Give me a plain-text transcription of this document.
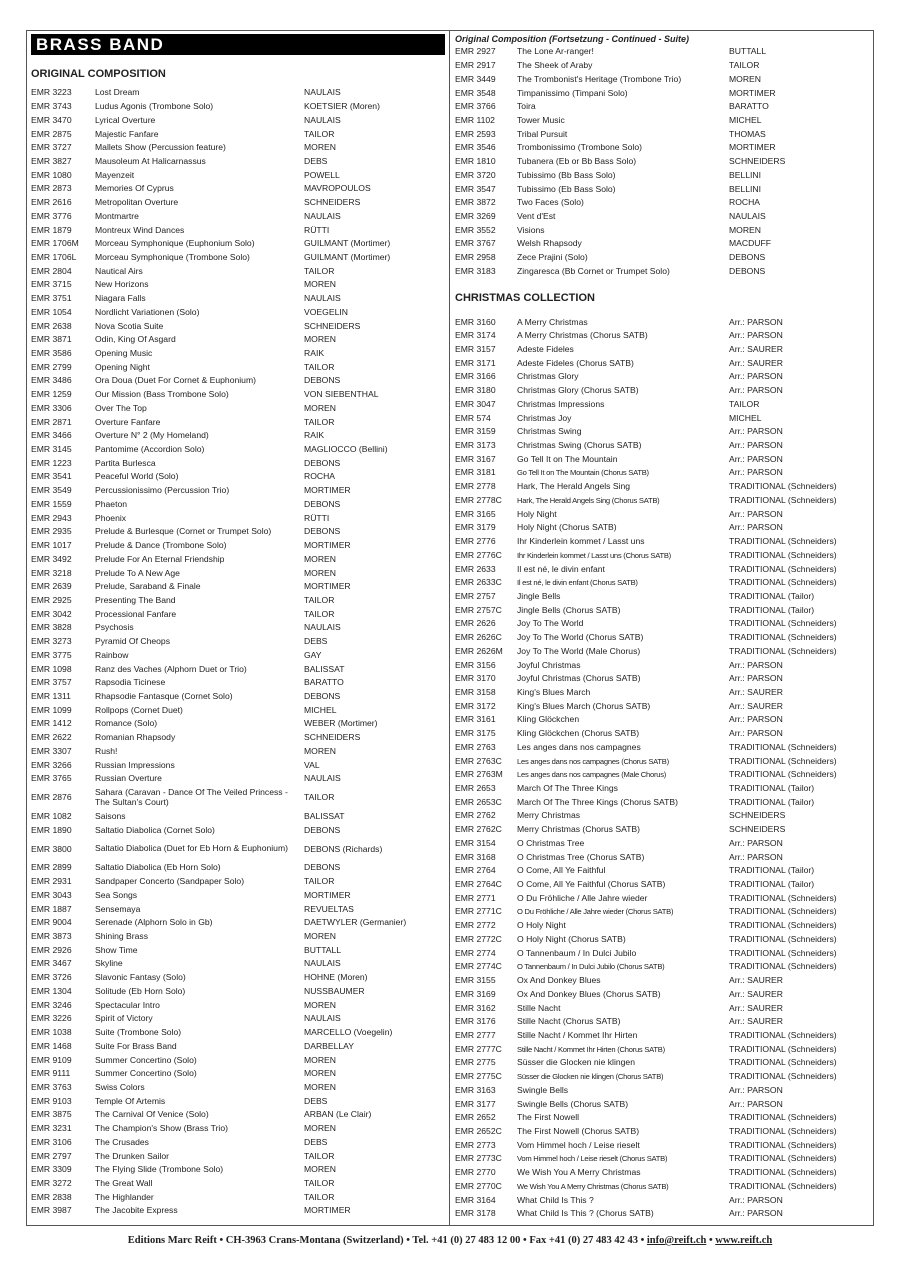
BRASS BAND
ORIGINAL COMPOSITION
EMR 3223	Lost Dream	NAULAIS
EMR 3743	Ludus Agonis (Trombone Solo)	KOETSIER (Moren)
EMR 3470	Lyrical Overture	NAULAIS
EMR 2875	Majestic Fanfare	TAILOR
EMR 3727	Mallets Show (Percussion feature)	MOREN
EMR 3827	Mausoleum At Halicarnassus	DEBS
EMR 1080	Mayenzeit	POWELL
EMR 2873	Memories Of Cyprus	MAVROPOULOS
EMR 2616	Metropolitan Overture	SCHNEIDERS
EMR 3776	Montmartre	NAULAIS
EMR 1879	Montreux Wind Dances	RÜTTI
EMR 1706M	Morceau Symphonique (Euphonium Solo)	GUILMANT (Mortimer)
EMR 1706L	Morceau Symphonique (Trombone Solo)	GUILMANT (Mortimer)
EMR 2804	Nautical Airs	TAILOR
EMR 3715	New Horizons	MOREN
EMR 3751	Niagara Falls	NAULAIS
EMR 1054	Nordlicht Variationen (Solo)	VOEGELIN
EMR 2638	Nova Scotia Suite	SCHNEIDERS
EMR 3871	Odin, King Of Asgard	MOREN
EMR 3586	Opening Music	RAIK
EMR 2799	Opening Night	TAILOR
EMR 3486	Ora Doua (Duet For Cornet & Euphonium)	DEBONS
EMR 1259	Our Mission (Bass Trombone Solo)	VON SIEBENTHAL
EMR 3306	Over The Top	MOREN
EMR 2871	Overture Fanfare	TAILOR
EMR 3466	Overture N° 2 (My Homeland)	RAIK
EMR 3145	Pantomime (Accordion Solo)	MAGLIOCCO (Bellini)
EMR 1223	Partita Burlesca	DEBONS
EMR 3541	Peaceful World (Solo)	ROCHA
EMR 3549	Percussionissimo (Percussion Trio)	MORTIMER
EMR 1559	Phaeton	DEBONS
EMR 2943	Phoenix	RÜTTI
EMR 2935	Prelude & Burlesque (Cornet or Trumpet Solo)	DEBONS
EMR 1017	Prelude & Dance (Trombone Solo)	MORTIMER
EMR 3492	Prelude For An Eternal Friendship	MOREN
EMR 3218	Prelude To A New Age	MOREN
EMR 2639	Prelude, Saraband & Finale	MORTIMER
EMR 2925	Presenting The Band	TAILOR
EMR 3042	Processional Fanfare	TAILOR
EMR 3828	Psychosis	NAULAIS
EMR 3273	Pyramid Of Cheops	DEBS
EMR 3775	Rainbow	GAY
EMR 1098	Ranz des Vaches (Alphorn Duet or Trio)	BALISSAT
EMR 3757	Rapsodia Ticinese	BARATTO
EMR 1311	Rhapsodie Fantasque (Cornet Solo)	DEBONS
EMR 1099	Rollpops (Cornet Duet)	MICHEL
EMR 1412	Romance (Solo)	WEBER (Mortimer)
EMR 2622	Romanian Rhapsody	SCHNEIDERS
EMR 3307	Rush!	MOREN
EMR 3266	Russian Impressions	VAL
EMR 3765	Russian Overture	NAULAIS
EMR 2876	Sahara (Caravan - Dance Of The Veiled Princess - The Sultan's Court)	TAILOR
EMR 1082	Saisons	BALISSAT
EMR 1890	Saltatio Diabolica (Cornet Solo)	DEBONS
EMR 3800	Saltatio Diabolica (Duet for Eb Horn & Euphonium)	DEBONS (Richards)
EMR 2899	Saltatio Diabolica (Eb Horn Solo)	DEBONS
EMR 2931	Sandpaper Concerto (Sandpaper Solo)	TAILOR
EMR 3043	Sea Songs	MORTIMER
EMR 1887	Sensemaya	REVUELTAS
EMR 9004	Serenade (Alphorn Solo in Gb)	DAETWYLER (Germanier)
EMR 3873	Shining Brass	MOREN
EMR 2926	Show Time	BUTTALL
EMR 3467	Skyline	NAULAIS
EMR 3726	Slavonic Fantasy (Solo)	HOHNE (Moren)
EMR 1304	Solitude (Eb Horn Solo)	NUSSBAUMER
EMR 3246	Spectacular Intro	MOREN
EMR 3226	Spirit of Victory	NAULAIS
EMR 1038	Suite (Trombone Solo)	MARCELLO (Voegelin)
EMR 1468	Suite For Brass Band	DARBELLAY
EMR 9109	Summer Concertino (Solo)	MOREN
EMR 9111	Summer Concertino (Solo)	MOREN
EMR 3763	Swiss Colors	MOREN
EMR 9103	Temple Of Artemis	DEBS
EMR 3875	The Carnival Of Venice (Solo)	ARBAN (Le Clair)
EMR 3231	The Champion's Show (Brass Trio)	MOREN
EMR 3106	The Crusades	DEBS
EMR 2797	The Drunken Sailor	TAILOR
EMR 3309	The Flying Slide (Trombone Solo)	MOREN
EMR 3272	The Great Wall	TAILOR
EMR 2838	The Highlander	TAILOR
EMR 3987	The Jacobite Express	MORTIMER

Original Composition (Fortsetzung - Continued - Suite)

EMR 2927	The Lone Ar-ranger!	BUTTALL
EMR 2917	The Sheek of Araby	TAILOR
EMR 3449	The Trombonist's Heritage (Trombone Trio)	MOREN
EMR 3548	Timpanissimo (Timpani Solo)	MORTIMER
EMR 3766	Toira	BARATTO
EMR 1102	Tower Music	MICHEL
EMR 2593	Tribal Pursuit	THOMAS
EMR 3546	Trombonissimo (Trombone Solo)	MORTIMER
EMR 1810	Tubanera (Eb or Bb Bass Solo)	SCHNEIDERS
EMR 3720	Tubissimo (Bb Bass Solo)	BELLINI
EMR 3547	Tubissimo (Eb Bass Solo)	BELLINI
EMR 3872	Two Faces (Solo)	ROCHA
EMR 3269	Vent d'Est	NAULAIS
EMR 3552	Visions	MOREN
EMR 3767	Welsh Rhapsody	MACDUFF
EMR 2958	Zece Prajini (Solo)	DEBONS
EMR 3183	Zingaresca (Bb Cornet or Trumpet Solo)	DEBONS
CHRISTMAS COLLECTION
EMR 3160	A Merry Christmas	Arr.: PARSON
EMR 3174	A Merry Christmas (Chorus SATB)	Arr.: PARSON
EMR 3157	Adeste Fideles	Arr.: SAURER
EMR 3171	Adeste Fideles (Chorus SATB)	Arr.: SAURER
EMR 3166	Christmas Glory	Arr.: PARSON
EMR 3180	Christmas Glory (Chorus SATB)	Arr.: PARSON
EMR 3047	Christmas Impressions	TAILOR
EMR 574	Christmas Joy	MICHEL
EMR 3159	Christmas Swing	Arr.: PARSON
EMR 3173	Christmas Swing (Chorus SATB)	Arr.: PARSON
EMR 3167	Go Tell It on The Mountain	Arr.: PARSON
EMR 3181	Go Tell It on The Mountain (Chorus SATB)	Arr.: PARSON
EMR 2778	Hark, The Herald Angels Sing	TRADITIONAL (Schneiders)
EMR 2778C	Hark, The Herald Angels Sing (Chorus SATB)	TRADITIONAL (Schneiders)
EMR 3165	Holy Night	Arr.: PARSON
EMR 3179	Holy Night (Chorus SATB)	Arr.: PARSON
EMR 2776	Ihr Kinderlein kommet / Lasst uns	TRADITIONAL (Schneiders)
EMR 2776C	Ihr Kinderlein kommet / Lasst uns (Chorus SATB)	TRADITIONAL (Schneiders)
EMR 2633	Il est né, le divin enfant	TRADITIONAL (Schneiders)
EMR 2633C	Il est né, le divin enfant (Chorus SATB)	TRADITIONAL (Schneiders)
EMR 2757	Jingle Bells	TRADITIONAL (Tailor)
EMR 2757C	Jingle Bells (Chorus SATB)	TRADITIONAL (Tailor)
EMR 2626	Joy To The World	TRADITIONAL (Schneiders)
EMR 2626C	Joy To The World (Chorus SATB)	TRADITIONAL (Schneiders)
EMR 2626M	Joy To The World (Male Chorus)	TRADITIONAL (Schneiders)
EMR 3156	Joyful Christmas	Arr.: PARSON
EMR 3170	Joyful Christmas (Chorus SATB)	Arr.: PARSON
EMR 3158	King's Blues March	Arr.: SAURER
EMR 3172	King's Blues March (Chorus SATB)	Arr.: SAURER
EMR 3161	Kling Glöckchen	Arr.: PARSON
EMR 3175	Kling Glöckchen (Chorus SATB)	Arr.: PARSON
EMR 2763	Les anges dans nos campagnes	TRADITIONAL (Schneiders)
EMR 2763C	Les anges dans nos campagnes (Chorus SATB)	TRADITIONAL (Schneiders)
EMR 2763M	Les anges dans nos campagnes (Male Chorus)	TRADITIONAL (Schneiders)
EMR 2653	March Of The Three Kings	TRADITIONAL (Tailor)
EMR 2653C	March Of The Three Kings (Chorus SATB)	TRADITIONAL (Tailor)
EMR 2762	Merry Christmas	SCHNEIDERS
EMR 2762C	Merry Christmas (Chorus SATB)	SCHNEIDERS
EMR 3154	O Christmas Tree	Arr.: PARSON
EMR 3168	O Christmas Tree (Chorus SATB)	Arr.: PARSON
EMR 2764	O Come, All Ye Faithful	TRADITIONAL (Tailor)
EMR 2764C	O Come, All Ye Faithful (Chorus SATB)	TRADITIONAL (Tailor)
EMR 2771	O Du Fröhliche / Alle Jahre wieder	TRADITIONAL (Schneiders)
EMR 2771C	O Du Fröhliche / Alle Jahre wieder (Chorus SATB)	TRADITIONAL (Schneiders)
EMR 2772	O Holy Night	TRADITIONAL (Schneiders)
EMR 2772C	O Holy Night (Chorus SATB)	TRADITIONAL (Schneiders)
EMR 2774	O Tannenbaum / In Dulci Jubilo	TRADITIONAL (Schneiders)
EMR 2774C	O Tannenbaum / In Dulci Jubilo (Chorus SATB)	TRADITIONAL (Schneiders)
EMR 3155	Ox And Donkey Blues	Arr.: SAURER
EMR 3169	Ox And Donkey Blues (Chorus SATB)	Arr.: SAURER
EMR 3162	Stille Nacht	Arr.: SAURER
EMR 3176	Stille Nacht (Chorus SATB)	Arr.: SAURER
EMR 2777	Stille Nacht / Kommet Ihr Hirten	TRADITIONAL (Schneiders)
EMR 2777C	Stille Nacht / Kommet Ihr Hirten (Chorus SATB)	TRADITIONAL (Schneiders)
EMR 2775	Süsser die Glocken nie klingen	TRADITIONAL (Schneiders)
EMR 2775C	Süsser die Glocken nie klingen (Chorus SATB)	TRADITIONAL (Schneiders)
EMR 3163	Swingle Bells	Arr.: PARSON
EMR 3177	Swingle Bells (Chorus SATB)	Arr.: PARSON
EMR 2652	The First Nowell	TRADITIONAL (Schneiders)
EMR 2652C	The First Nowell (Chorus SATB)	TRADITIONAL (Schneiders)
EMR 2773	Vom Himmel hoch / Leise rieselt	TRADITIONAL (Schneiders)
EMR 2773C	Vom Himmel hoch / Leise rieselt (Chorus SATB)	TRADITIONAL (Schneiders)
EMR 2770	We Wish You A Merry Christmas	TRADITIONAL (Schneiders)
EMR 2770C	We Wish You A Merry Christmas (Chorus SATB)	TRADITIONAL (Schneiders)
EMR 3164	What Child Is This ?	Arr.: PARSON
EMR 3178	What Child Is This ? (Chorus SATB)	Arr.: PARSON
Editions Marc Reift • CH-3963 Crans-Montana (Switzerland) • Tel. +41 (0) 27 483 12 00 • Fax +41 (0) 27 483 42 43 • info@reift.ch • www.reift.ch
